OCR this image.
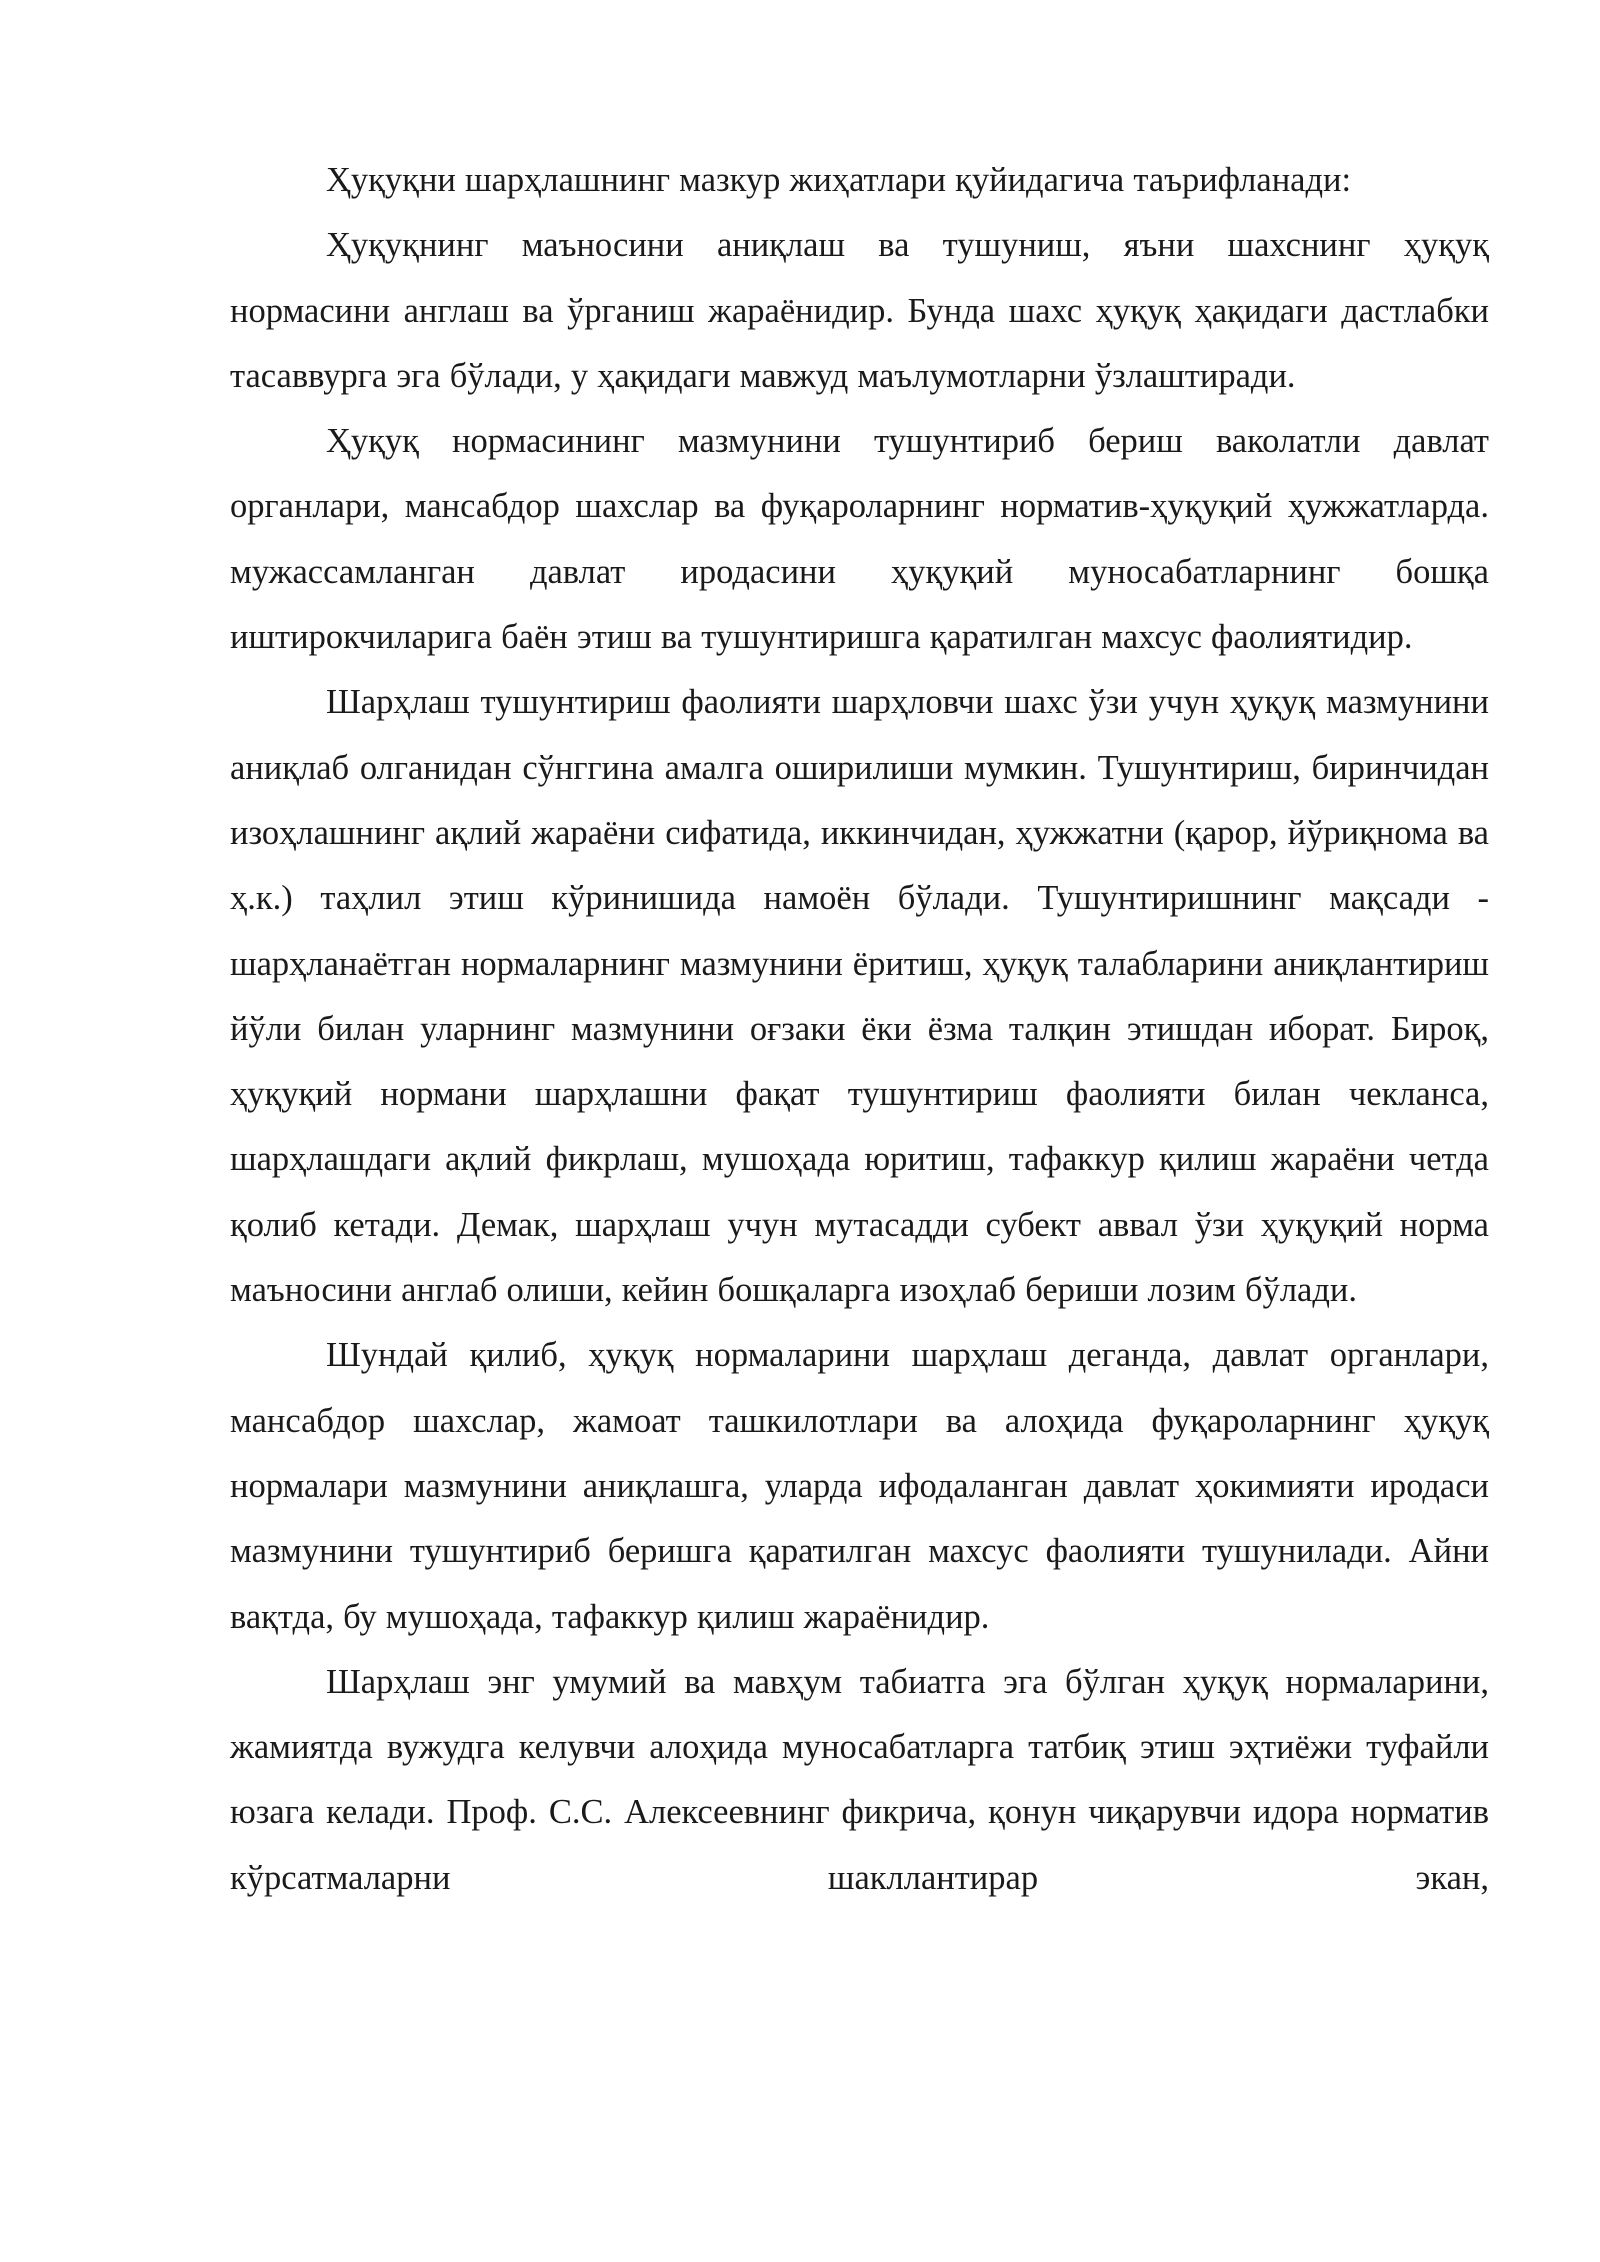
Ҳуқуқни шарҳлашнинг мазкур жиҳатлари қуйидагича таърифланади:

Ҳуқуқнинг маъносини аниқлаш ва тушуниш, яъни шахснинг ҳуқуқ нормасини англаш ва ўрганиш жараёнидир. Бунда шахс ҳуқуқ ҳақидаги дастлабки тасаввурга эга бўлади, у ҳақидаги мавжуд маълумотларни ўзлаштиради.

Ҳуқуқ нормасининг мазмунини тушунтириб бериш ваколатли давлат органлари, мансабдор шахслар ва фуқароларнинг норматив-ҳуқуқий ҳужжатларда. мужассамланган давлат иродасини ҳуқуқий муносабатларнинг бошқа иштирокчиларига баён этиш ва тушунтиришга қаратилган махсус фаолиятидир.

Шарҳлаш тушунтириш фаолияти шарҳловчи шахс ўзи учун ҳуқуқ мазмунини аниқлаб олганидан сўнггина амалга оширилиши мумкин. Тушунтириш, биринчидан изоҳлашнинг ақлий жараёни сифатида, иккинчидан, ҳужжатни (қарор, йўриқнома ва ҳ.к.) таҳлил этиш кўринишида намоён бўлади. Тушунтиришнинг мақсади - шарҳланаётган нормаларнинг мазмунини ёритиш, ҳуқуқ талабларини аниқлантириш йўли билан уларнинг мазмунини оғзаки ёки ёзма талқин этишдан иборат. Бироқ, ҳуқуқий нормани шарҳлашни фақат тушунтириш фаолияти билан чекланса, шарҳлашдаги ақлий фикрлаш, мушоҳада юритиш, тафаккур қилиш жараёни четда қолиб кетади. Демак, шарҳлаш учун мутасадди субект аввал ўзи ҳуқуқий норма маъносини англаб олиши, кейин бошқаларга изоҳлаб бериши лозим бўлади.

Шундай қилиб, ҳуқуқ нормаларини шарҳлаш деганда, давлат органлари, мансабдор шахслар, жамоат ташкилотлари ва алоҳида фуқароларнинг ҳуқуқ нормалари мазмунини аниқлашга, уларда ифодаланган давлат ҳокимияти иродаси мазмунини тушунтириб беришга қаратилган махсус фаолияти тушунилади. Айни вақтда, бу мушоҳада, тафаккур қилиш жараёнидир.

Шарҳлаш энг умумий ва мавҳум табиатга эга бўлган ҳуқуқ нормаларини, жамиятда вужудга келувчи алоҳида муносабатларга татбиқ этиш эҳтиёжи туфайли юзага келади. Проф. С.С. Алексеевнинг фикрича, қонун чиқарувчи идора норматив кўрсатмаларни шакллантирар экан,
